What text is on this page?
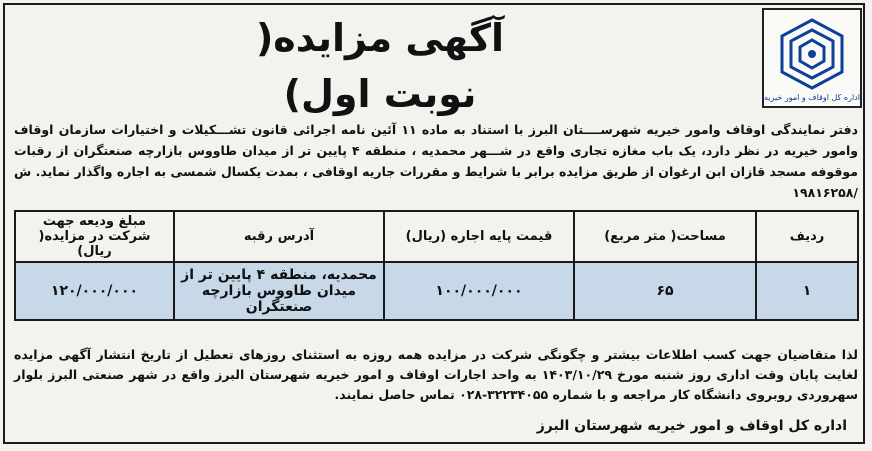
اداره کل اوقاف و امور خیریه
آگهی مزایده( نوبت اول)
دفتر نمایندگی اوقاف وامور خیریه شهرســــتان البرز با استناد به ماده ۱۱ آئین نامه اجرائی قانون تشـــکیلات و اختیارات سازمان اوقاف وامور خیریه در نظر دارد، یک باب مغازه تجاری واقع در شـــهر محمدیه ، منطقه ۴ پایین تر از میدان طاووس بازارچه صنعتگران از رقبات موقوفه مسجد قازان ابن ارغوان از طریق مزایده برابر با شرایط و مقررات جاریه اوقافی ، بمدت یکسال شمسی به اجاره واگذار نماید. ش /۱۹۸۱۶۲۵۸
ردیف	مساحت( متر مربع)	قیمت پایه اجاره (ریال)	آدرس رقبه	مبلغ ودیعه جهت شرکت در مزایده( ریال)
۱	۶۵	۱۰۰/۰۰۰/۰۰۰	محمدیه، منطقه ۴ پایین تر از میدان طاووس بازارچه صنعتگران	۱۲۰/۰۰۰/۰۰۰
لذا متقاضیان جهت کسب اطلاعات بیشتر و چگونگی شرکت در مزایده همه روزه به استثنای روزهای تعطیل از تاریخ انتشار آگهی مزایده لغایت پایان وقت اداری روز شنبه مورخ ۱۴۰۳/۱۰/۲۹ به واحد اجارات اوقاف و امور خیریه شهرستان البرز واقع در شهر صنعتی البرز بلوار سهروردی روبروی دانشگاه کار مراجعه و با شماره ۳۲۲۳۴۰۵۵-۰۲۸ تماس حاصل نمایند.
اداره کل اوقاف و امور خیریه شهرستان البرز
